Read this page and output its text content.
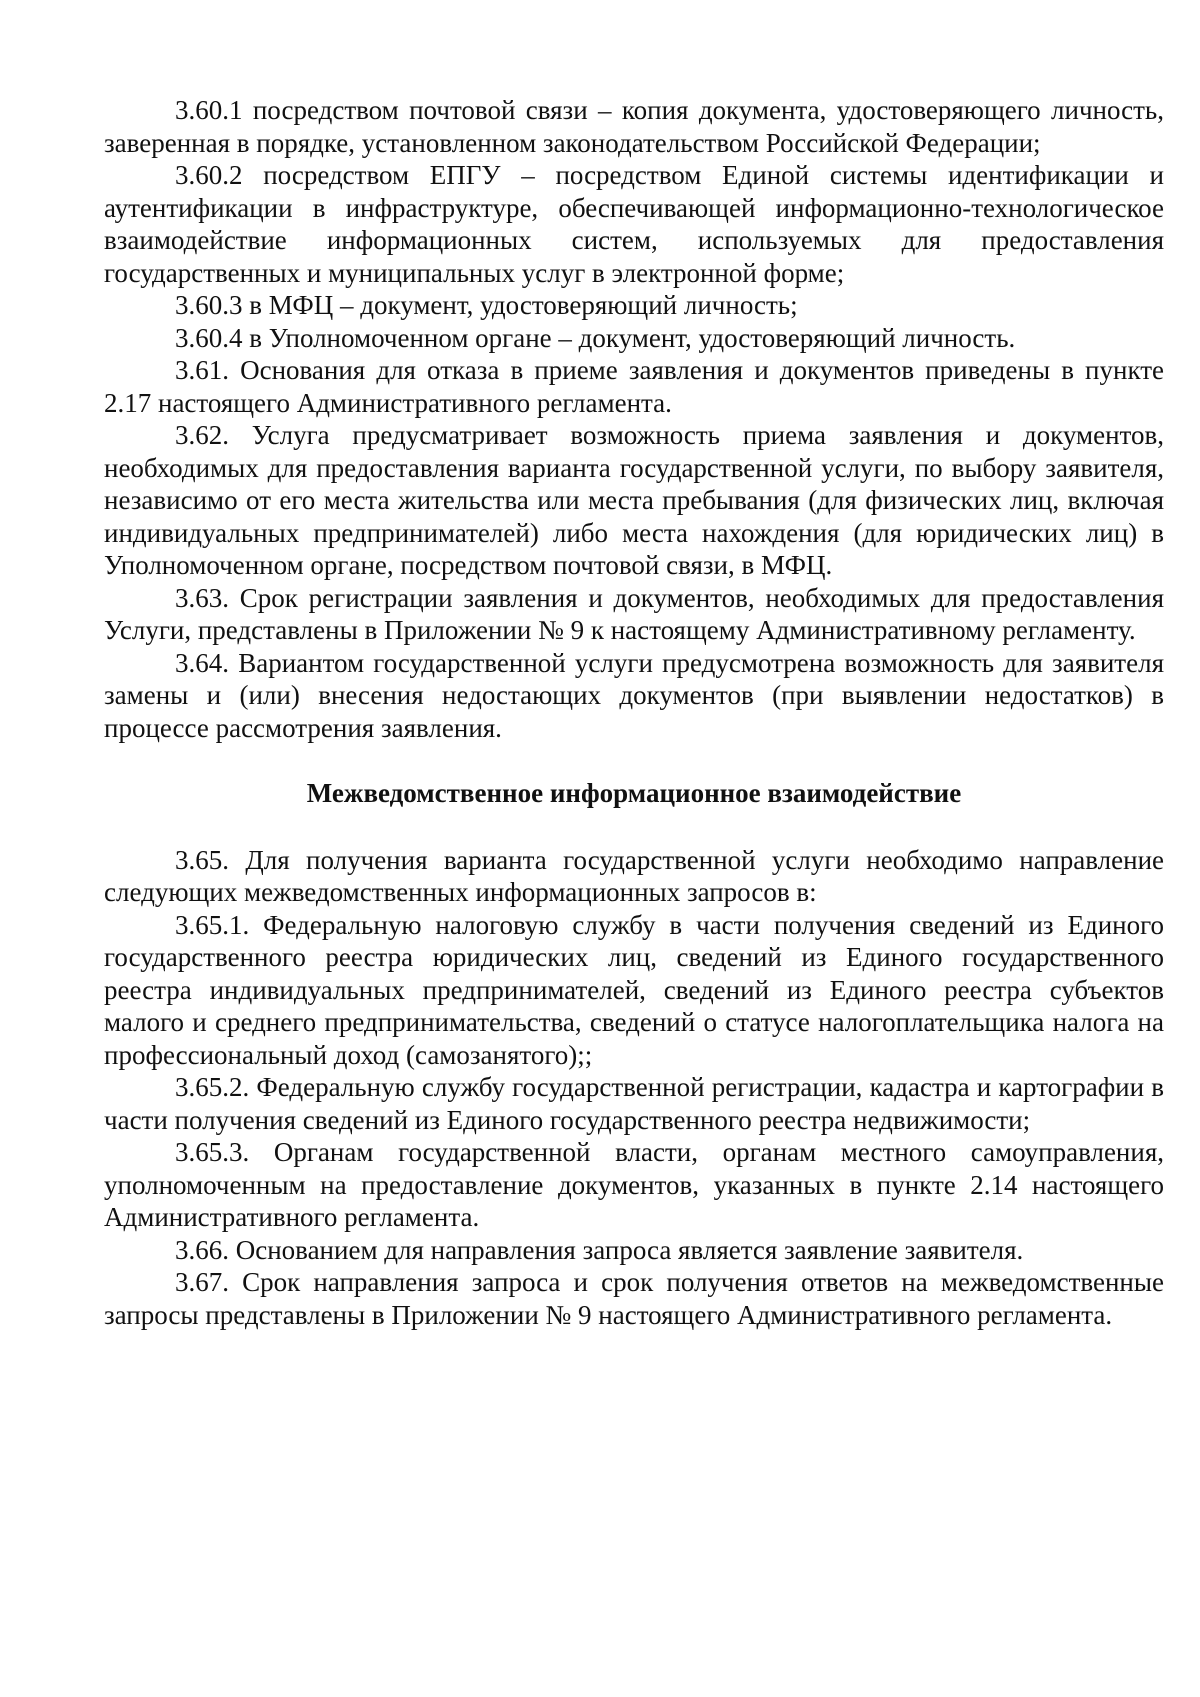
3.60.1 посредством почтовой связи – копия документа, удостоверяющего личность, заверенная в порядке, установленном законодательством Российской Федерации;

3.60.2 посредством ЕПГУ – посредством Единой системы идентификации и аутентификации в инфраструктуре, обеспечивающей информационно-технологическое взаимодействие информационных систем, используемых для предоставления государственных и муниципальных услуг в электронной форме;

3.60.3 в МФЦ – документ, удостоверяющий личность;

3.60.4 в Уполномоченном органе – документ, удостоверяющий личность.

3.61. Основания для отказа в приеме заявления и документов приведены в пункте 2.17 настоящего Административного регламента.

3.62. Услуга предусматривает возможность приема заявления и документов, необходимых для предоставления варианта государственной услуги, по выбору заявителя, независимо от его места жительства или места пребывания (для физических лиц, включая индивидуальных предпринимателей) либо места нахождения (для юридических лиц) в Уполномоченном органе, посредством почтовой связи, в МФЦ.

3.63. Срок регистрации заявления и документов, необходимых для предоставления Услуги, представлены в Приложении № 9 к настоящему Административному регламенту.

3.64. Вариантом государственной услуги предусмотрена возможность для заявителя замены и (или) внесения недостающих документов (при выявлении недостатков) в процессе рассмотрения заявления.

Межведомственное информационное взаимодействие

3.65. Для получения варианта государственной услуги необходимо направление следующих межведомственных информационных запросов в:

3.65.1. Федеральную налоговую службу в части получения сведений из Единого государственного реестра юридических лиц, сведений из Единого государственного реестра индивидуальных предпринимателей, сведений из Единого реестра субъектов малого и среднего предпринимательства, сведений о статусе налогоплательщика налога на профессиональный доход (самозанятого);;

3.65.2. Федеральную службу государственной регистрации, кадастра и картографии в части получения сведений из Единого государственного реестра недвижимости;

3.65.3. Органам государственной власти, органам местного самоуправления, уполномоченным на предоставление документов, указанных в пункте 2.14 настоящего Административного регламента.

3.66. Основанием для направления запроса является заявление заявителя.

3.67. Срок направления запроса и срок получения ответов на межведомственные запросы представлены в Приложении № 9 настоящего Административного регламента.
